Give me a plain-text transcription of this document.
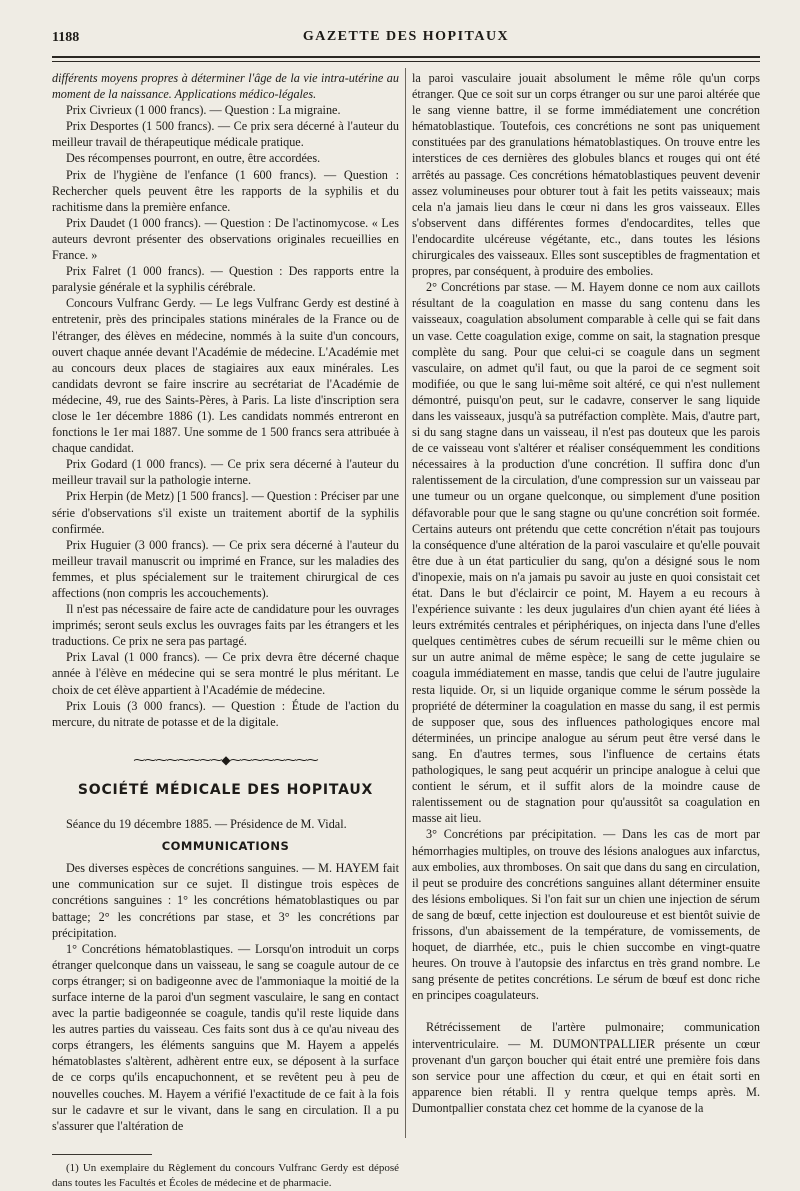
1188	GAZETTE DES HOPITAUX

différents moyens propres à déterminer l'âge de la vie intra-utérine au moment de la naissance. Applications médico-légales.

Prix Civrieux (1 000 francs). — Question : La migraine.

Prix Desportes (1 500 francs). — Ce prix sera décerné à l'auteur du meilleur travail de thérapeutique médicale pratique.

Des récompenses pourront, en outre, être accordées.

Prix de l'hygiène de l'enfance (1 600 francs). — Question : Rechercher quels peuvent être les rapports de la syphilis et du rachitisme dans la première enfance.

Prix Daudet (1 000 francs). — Question : De l'actinomycose. « Les auteurs devront présenter des observations originales recueillies en France. »

Prix Falret (1 000 francs). — Question : Des rapports entre la paralysie générale et la syphilis cérébrale.

Concours Vulfranc Gerdy. — Le legs Vulfranc Gerdy est destiné à entretenir, près des principales stations minérales de la France ou de l'étranger, des élèves en médecine, nommés à la suite d'un concours, ouvert chaque année devant l'Académie de médecine. L'Académie met au concours deux places de stagiaires aux eaux minérales. Les candidats devront se faire inscrire au secrétariat de l'Académie de médecine, 49, rue des Saints-Pères, à Paris. La liste d'inscription sera close le 1er décembre 1886 (1). Les candidats nommés entreront en fonctions le 1er mai 1887. Une somme de 1 500 francs sera attribuée à chaque candidat.

Prix Godard (1 000 francs). — Ce prix sera décerné à l'auteur du meilleur travail sur la pathologie interne.

Prix Herpin (de Metz) [1 500 francs]. — Question : Préciser par une série d'observations s'il existe un traitement abortif de la syphilis confirmée.

Prix Huguier (3 000 francs). — Ce prix sera décerné à l'auteur du meilleur travail manuscrit ou imprimé en France, sur les maladies des femmes, et plus spécialement sur le traitement chirurgical de ces affections (non compris les accouchements).

Il n'est pas nécessaire de faire acte de candidature pour les ouvrages imprimés; seront seuls exclus les ouvrages faits par les étrangers et les traductions. Ce prix ne sera pas partagé.

Prix Laval (1 000 francs). — Ce prix devra être décerné chaque année à l'élève en médecine qui se sera montré le plus méritant. Le choix de cet élève appartient à l'Académie de médecine.

Prix Louis (3 000 francs). — Question : Étude de l'action du mercure, du nitrate de potasse et de la digitale.

⁓⁓⁓⁓⁓⁓⁓⁓◆⁓⁓⁓⁓⁓⁓⁓⁓
SOCIÉTÉ MÉDICALE DES HOPITAUX

Séance du 19 décembre 1885. — Présidence de M. Vidal.

COMMUNICATIONS

Des diverses espèces de concrétions sanguines. — M. HAYEM fait une communication sur ce sujet. Il distingue trois espèces de concrétions sanguines : 1° les concrétions hématoblastiques ou par battage; 2° les concrétions par stase, et 3° les concrétions par précipitation.

1° Concrétions hématoblastiques. — Lorsqu'on introduit un corps étranger quelconque dans un vaisseau, le sang se coagule autour de ce corps étranger; si on badigeonne avec de l'ammoniaque la moitié de la surface interne de la paroi d'un segment vasculaire, le sang en contact avec la partie badigeonnée se coagule, tandis qu'il reste liquide dans les autres parties du vaisseau. Ces faits sont dus à ce qu'au niveau des corps étrangers, les éléments sanguins que M. Hayem a appelés hématoblastes s'altèrent, adhèrent entre eux, se déposent à la surface de ce corps qu'ils encapuchonnent, et se revêtent peu à peu de nouvelles couches. M. Hayem a vérifié l'exactitude de ce fait à la fois sur le cadavre et sur le vivant, dans le sang en circulation. Il a pu s'assurer que l'altération de

(1) Un exemplaire du Règlement du concours Vulfranc Gerdy est déposé dans toutes les Facultés et Écoles de médecine et de pharmacie.

la paroi vasculaire jouait absolument le même rôle qu'un corps étranger. Que ce soit sur un corps étranger ou sur une paroi altérée que le sang vienne battre, il se forme immédiatement une concrétion hématoblastique. Toutefois, ces concrétions ne sont pas uniquement constituées par des granulations hématoblastiques. On trouve entre les interstices de ces dernières des globules blancs et rouges qui ont été arrêtés au passage. Ces concrétions hématoblastiques peuvent devenir assez volumineuses pour obturer tout à fait les petits vaisseaux; mais cela n'a jamais lieu dans le cœur ni dans les gros vaisseaux. Elles s'observent dans différentes formes d'endocardites, telles que l'endocardite ulcéreuse végétante, etc., dans toutes les lésions chirurgicales des vaisseaux. Elles sont susceptibles de fragmentation et propres, par conséquent, à produire des embolies.

2° Concrétions par stase. — M. Hayem donne ce nom aux caillots résultant de la coagulation en masse du sang contenu dans les vaisseaux, coagulation absolument comparable à celle qui se fait dans un vase. Cette coagulation exige, comme on sait, la stagnation presque complète du sang. Pour que celui-ci se coagule dans un segment vasculaire, on admet qu'il faut, ou que la paroi de ce segment soit modifiée, ou que le sang lui-même soit altéré, ce qui n'est nullement démontré, puisqu'on peut, sur le cadavre, conserver le sang liquide dans les vaisseaux, jusqu'à sa putréfaction complète. Mais, d'autre part, si du sang stagne dans un vaisseau, il n'est pas douteux que les parois de ce vaisseau vont s'altérer et réaliser conséquemment les conditions nécessaires à la production d'une concrétion. Il suffira donc d'un ralentissement de la circulation, d'une compression sur un vaisseau par une tumeur ou un organe quelconque, ou simplement d'une position défavorable pour que le sang stagne ou qu'une concrétion soit formée. Certains auteurs ont prétendu que cette concrétion n'était pas toujours la conséquence d'une altération de la paroi vasculaire et qu'elle pouvait être due à un état particulier du sang, qu'on a désigné sous le nom d'inopexie, mais on n'a jamais pu savoir au juste en quoi consistait cet état. Dans le but d'éclaircir ce point, M. Hayem a eu recours à l'expérience suivante : les deux jugulaires d'un chien ayant été liées à leurs extrémités centrales et périphériques, on injecta dans l'une d'elles quelques centimètres cubes de sérum recueilli sur le même chien ou sur un autre animal de même espèce; le sang de cette jugulaire se coagula immédiatement en masse, tandis que celui de l'autre jugulaire resta liquide. Or, si un liquide organique comme le sérum possède la propriété de déterminer la coagulation en masse du sang, il est permis de supposer que, sous des influences pathologiques encore mal déterminées, un principe analogue au sérum peut être versé dans le sang. En d'autres termes, sous l'influence de certains états pathologiques, le sang peut acquérir un principe analogue à celui que contient le sérum, et il suffit alors de la moindre cause de ralentissement ou de stagnation pour qu'aussitôt sa coagulation en masse ait lieu.

3° Concrétions par précipitation. — Dans les cas de mort par hémorrhagies multiples, on trouve des lésions analogues aux infarctus, aux embolies, aux thromboses. On sait que dans du sang en circulation, il peut se produire des concrétions sanguines allant déterminer ensuite des lésions emboliques. Si l'on fait sur un chien une injection de sérum de sang de bœuf, cette injection est douloureuse et est bientôt suivie de frissons, d'un abaissement de la température, de vomissements, de hoquet, de diarrhée, etc., puis le chien succombe en vingt-quatre heures. On trouve à l'autopsie des infarctus en très grand nombre. Le sang présente de petites concrétions. Le sérum de bœuf est donc riche en principes coagulateurs.

Rétrécissement de l'artère pulmonaire; communication interventriculaire. — M. DUMONTPALLIER présente un cœur provenant d'un garçon boucher qui était entré une première fois dans son service pour une affection du cœur, et qui en était sorti en apparence bien rétabli. Il y rentra quelque temps après. M. Dumontpallier constata chez cet homme de la cyanose de la
